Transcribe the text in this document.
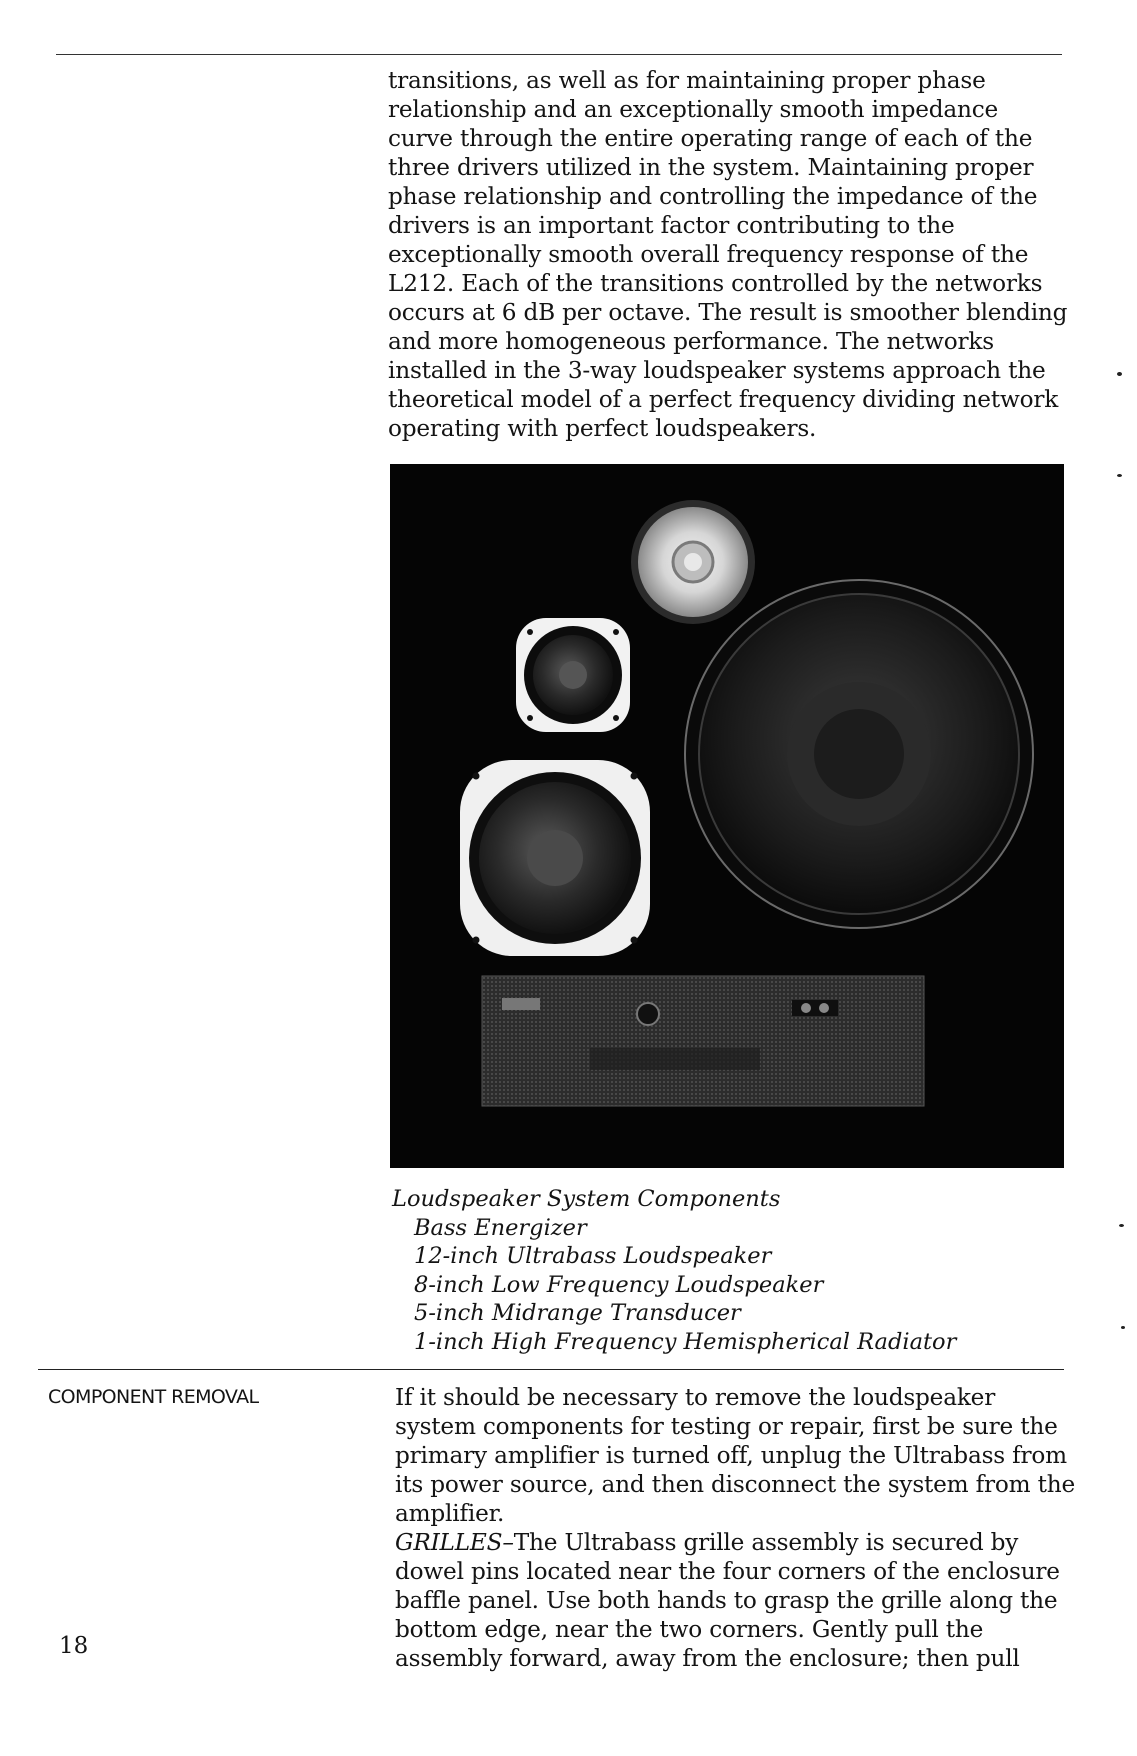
transitions, as well as for maintaining proper phase relationship and an exceptionally smooth impedance curve through the entire operating range of each of the three drivers utilized in the system. Maintaining proper phase relationship and controlling the impedance of the drivers is an important factor contributing to the exceptionally smooth overall frequency response of the L212. Each of the transitions controlled by the networks occurs at 6 dB per octave. The result is smoother blending and more homogeneous performance. The networks installed in the 3-way loudspeaker systems approach the theoretical model of a perfect frequency dividing network operating with perfect loudspeakers.

Loudspeaker System Components
Bass Energizer
12-inch Ultrabass Loudspeaker
8-inch Low Frequency Loudspeaker
5-inch Midrange Transducer
1-inch High Frequency Hemispherical Radiator
COMPONENT REMOVAL	If it should be necessary to remove the loudspeaker system components for testing or repair, first be sure the primary amplifier is turned off, unplug the Ultrabass from its power source, and then disconnect the system from the amplifier.

GRILLES–The Ultrabass grille assembly is secured by dowel pins located near the four corners of the enclosure baffle panel. Use both hands to grasp the grille along the bottom edge, near the two corners. Gently pull the assembly forward, away from the enclosure; then pull

18
